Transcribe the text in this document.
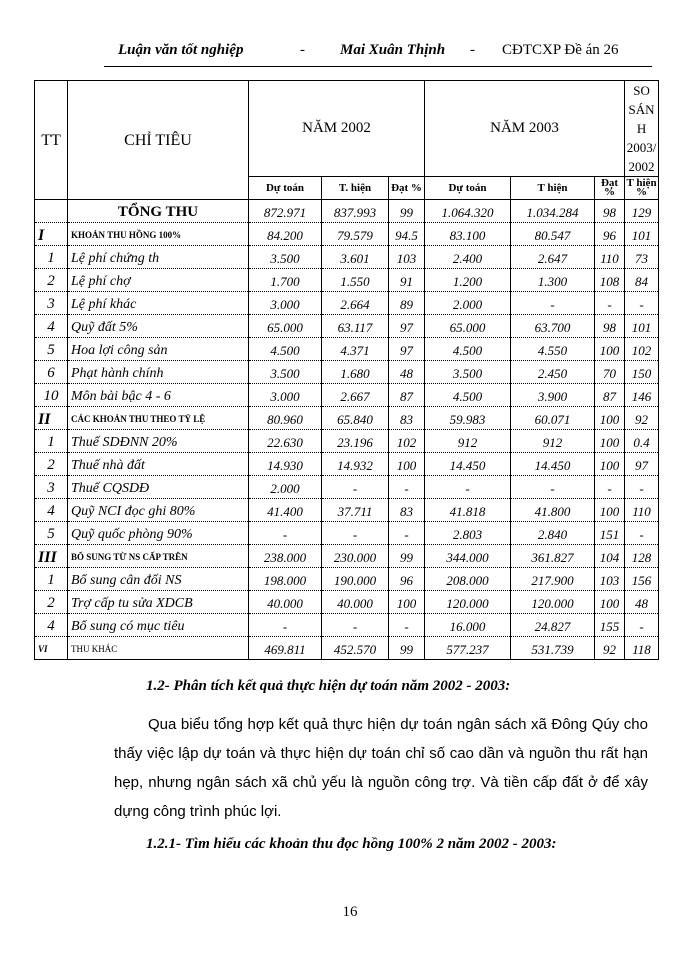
Luận văn tốt nghiệp	- Mai Xuân Thịnh - CĐTCXP Đề án 26
TT	CHỈ TIÊU	NĂM 2002			NĂM 2003			SO SÁN H 2003/ 2002
		Dự toán	T. hiện	Đạt %	Dự toán	T hiện	Đạt %	T hiện %
	TỔNG THU	872.971	837.993	99	1.064.320	1.034.284	98	129
I	KHOẢN THU HỒNG 100%	84.200	79.579	94.5	83.100	80.547	96	101
1	Lệ phí chứng th	3.500	3.601	103	2.400	2.647	110	73
2	Lệ phí chợ	1.700	1.550	91	1.200	1.300	108	84
3	Lệ phí khác	3.000	2.664	89	2.000	-	-	-
4	Quỹ đất 5%	65.000	63.117	97	65.000	63.700	98	101
5	Hoa lợi công sản	4.500	4.371	97	4.500	4.550	100	102
6	Phạt hành chính	3.500	1.680	48	3.500	2.450	70	150
10	Môn bài bậc 4 - 6	3.000	2.667	87	4.500	3.900	87	146
II	CÁC KHOẢN THU THEO TỶ LỆ	80.960	65.840	83	59.983	60.071	100	92
1	Thuế SDĐNN 20%	22.630	23.196	102	912	912	100	0.4
2	Thuế nhà đất	14.930	14.932	100	14.450	14.450	100	97
3	Thuế CQSDĐ	2.000	-	-	-	-	-	-
4	Quỹ NCI đọc ghi 80%	41.400	37.711	83	41.818	41.800	100	110
5	Quỹ quốc phòng 90%	-	-	-	2.803	2.840	151	-
III	BỔ SUNG TỪ NS CẤP TRÊN	238.000	230.000	99	344.000	361.827	104	128
1	Bổ sung cân đối NS	198.000	190.000	96	208.000	217.900	103	156
2	Trợ cấp tu sửa XDCB	40.000	40.000	100	120.000	120.000	100	48
4	Bổ sung có mục tiêu	-	-	-	16.000	24.827	155	-
VI	THU KHÁC	469.811	452.570	99	577.237	531.739	92	118
1.2- Phân tích kết quả thực hiện dự toán năm 2002 - 2003:
Qua biểu tổng hợp kết quả thực hiện dự toán ngân sách xã Đông Qúy cho thấy việc lập dự toán và thực hiện dự toán chỉ số cao dần và nguồn thu rất hạn hẹp, nhưng ngân sách xã chủ yếu là nguồn công trợ. Và tiền cấp đất ở để xây dựng công trình phúc lợi.
1.2.1- Tìm hiểu các khoản thu đọc hồng 100% 2 năm 2002 - 2003:
16
